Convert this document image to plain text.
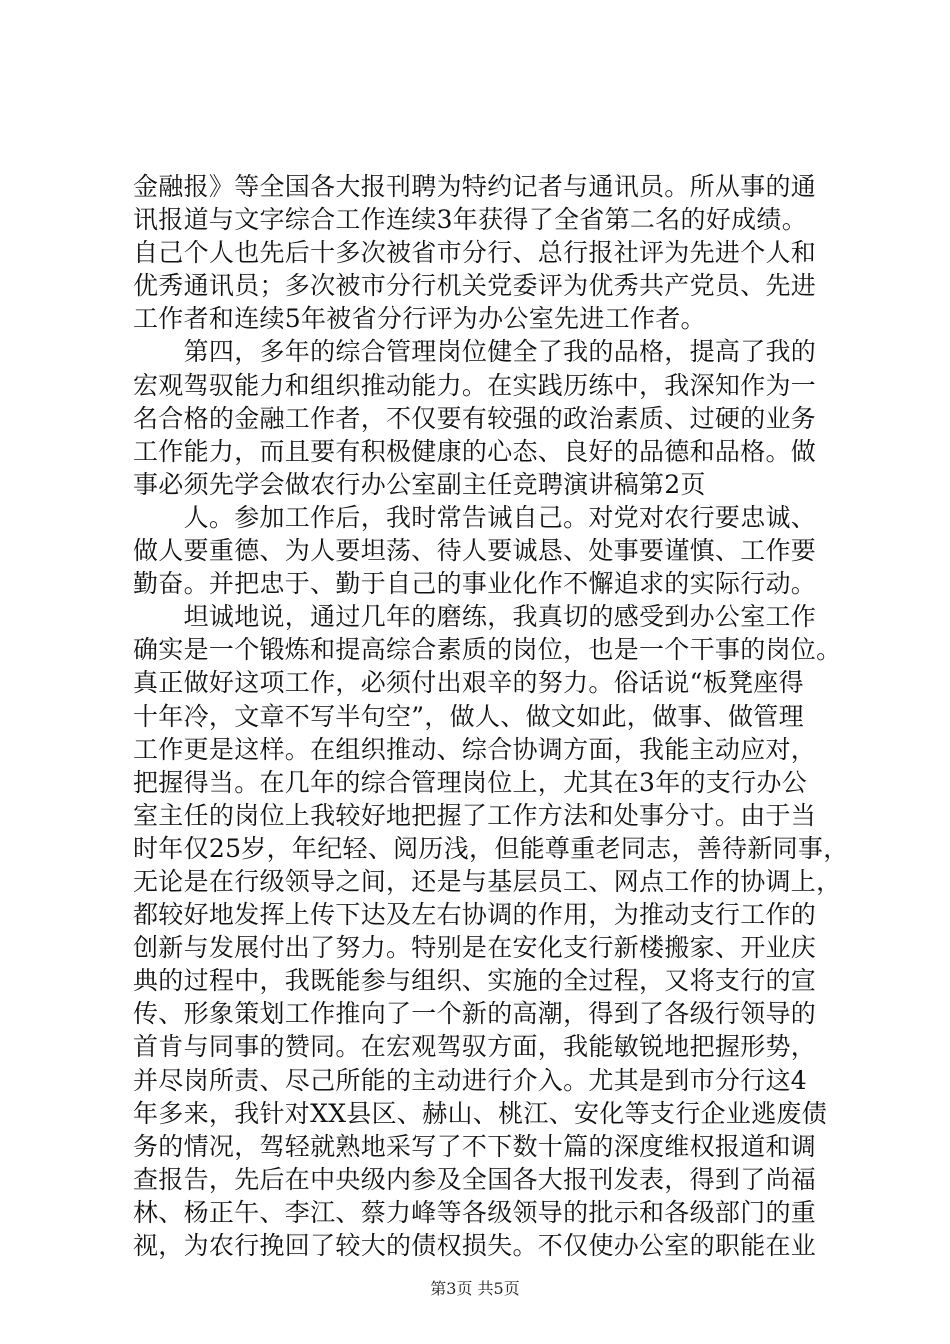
金融报》等全国各大报刊聘为特约记者与通讯员。所从事的通
讯报道与文字综合工作连续3年获得了全省第二名的好成绩。
自己个人也先后十多次被省市分行、总行报社评为先进个人和
优秀通讯员；多次被市分行机关党委评为优秀共产党员、先进
工作者和连续5年被省分行评为办公室先进工作者。
　　第四，多年的综合管理岗位健全了我的品格，提高了我的
宏观驾驭能力和组织推动能力。在实践历练中，我深知作为一
名合格的金融工作者，不仅要有较强的政治素质、过硬的业务
工作能力，而且要有积极健康的心态、良好的品德和品格。做
事必须先学会做农行办公室副主任竞聘演讲稿第2页
　　人。参加工作后，我时常告诫自己。对党对农行要忠诚、
做人要重德、为人要坦荡、待人要诚恳、处事要谨慎、工作要
勤奋。并把忠于、勤于自己的事业化作不懈追求的实际行动。
　　坦诚地说，通过几年的磨练，我真切的感受到办公室工作
确实是一个锻炼和提高综合素质的岗位，也是一个干事的岗位。
真正做好这项工作，必须付出艰辛的努力。俗话说“板凳座得
十年冷，文章不写半句空”，做人、做文如此，做事、做管理
工作更是这样。在组织推动、综合协调方面，我能主动应对，
把握得当。在几年的综合管理岗位上，尤其在3年的支行办公
室主任的岗位上我较好地把握了工作方法和处事分寸。由于当
时年仅25岁，年纪轻、阅历浅，但能尊重老同志，善待新同事，
无论是在行级领导之间，还是与基层员工、网点工作的协调上，
都较好地发挥上传下达及左右协调的作用，为推动支行工作的
创新与发展付出了努力。特别是在安化支行新楼搬家、开业庆
典的过程中，我既能参与组织、实施的全过程，又将支行的宣
传、形象策划工作推向了一个新的高潮，得到了各级行领导的
首肯与同事的赞同。在宏观驾驭方面，我能敏锐地把握形势，
并尽岗所责、尽己所能的主动进行介入。尤其是到市分行这4
年多来，我针对XX县区、赫山、桃江、安化等支行企业逃废债
务的情况，驾轻就熟地采写了不下数十篇的深度维权报道和调
查报告，先后在中央级内参及全国各大报刊发表，得到了尚福
林、杨正午、李江、蔡力峰等各级领导的批示和各级部门的重
视，为农行挽回了较大的债权损失。不仅使办公室的职能在业
第3页 共5页
